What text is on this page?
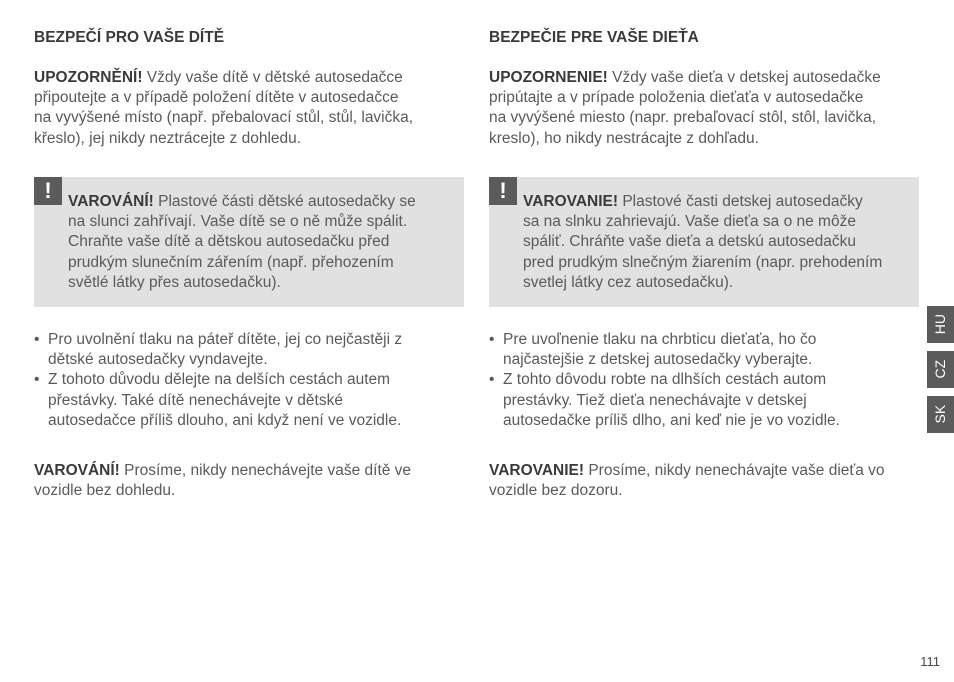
BEZPEČÍ PRO VAŠE DÍTĚ

UPOZORNĚNÍ! Vždy vaše dítě v dětské autosedačce
připoutejte a v případě položení dítěte v autosedačce
na vyvýšené místo (např. přebalovací stůl, stůl, lavička,
křeslo), jej nikdy neztrácejte z dohledu.

!	VAROVÁNÍ! Plastové části dětské autosedačky se
na slunci zahřívají. Vaše dítě se o ně může spálit.
Chraňte vaše dítě a dětskou autosedačku před
prudkým slunečním zářením (např. přehozením
světlé látky přes autosedačku).
• Pro uvolnění tlaku na páteř dítěte, jej co nejčastěji z
dětské autosedačky vyndavejte.
• Z tohoto důvodu dělejte na delších cestách autem
přestávky. Také dítě nenechávejte v dětské
autosedačce příliš dlouho, ani když není ve vozidle.

VAROVÁNÍ! Prosíme, nikdy nenechávejte vaše dítě ve
vozidle bez dohledu.

BEZPEČIE PRE VAŠE DIEŤA

UPOZORNENIE! Vždy vaše dieťa v detskej autosedačke
pripútajte a v prípade položenia dieťaťa v autosedačke
na vyvýšené miesto (napr. prebaľovací stôl, stôl, lavička,
kreslo), ho nikdy nestrácajte z dohľadu.

!	VAROVANIE! Plastové časti detskej autosedačky
sa na slnku zahrievajú. Vaše dieťa sa o ne môže
spáliť. Chráňte vaše dieťa a detskú autosedačku
pred prudkým slnečným žiarením (napr. prehodením
svetlej látky cez autosedačku).
• Pre uvoľnenie tlaku na chrbticu dieťaťa, ho čo
najčastejšie z detskej autosedačky vyberajte.
• Z tohto dôvodu robte na dlhších cestách autom
prestávky. Tiež dieťa nenechávajte v detskej
autosedačke príliš dlho, ani keď nie je vo vozidle.

VAROVANIE! Prosíme, nikdy nenechávajte vaše dieťa vo
vozidle bez dozoru.

HU
CZ
SK
111
